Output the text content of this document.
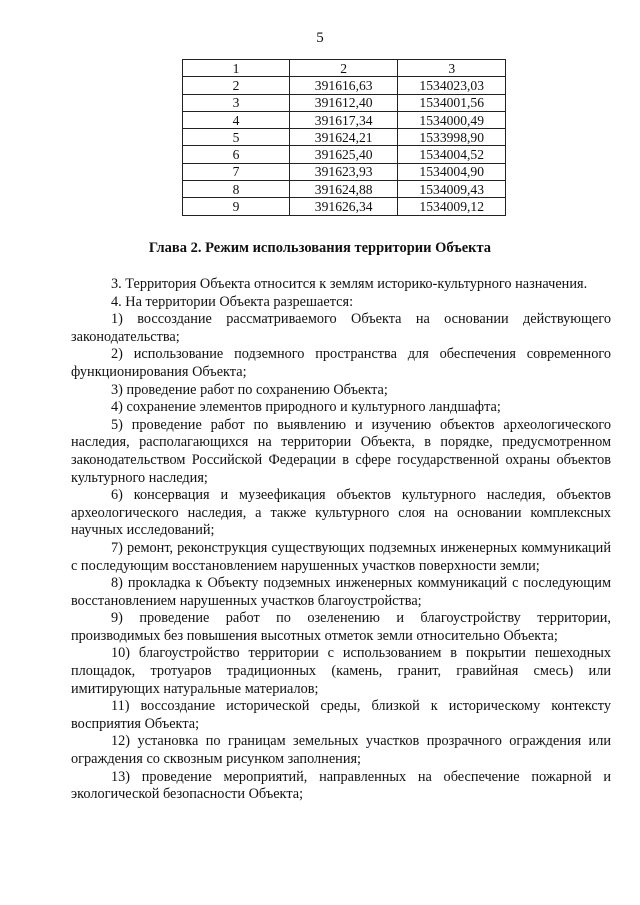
5
1	2	3
2	391616,63	1534023,03
3	391612,40	1534001,56
4	391617,34	1534000,49
5	391624,21	1533998,90
6	391625,40	1534004,52
7	391623,93	1534004,90
8	391624,88	1534009,43
9	391626,34	1534009,12
Глава 2. Режим использования территории Объекта

3. Территория Объекта относится к землям историко-культурного назначения.

4. На территории Объекта разрешается:

1) воссоздание рассматриваемого Объекта на основании действующего законодательства;

2) использование подземного пространства для обеспечения современного функционирования Объекта;

3) проведение работ по сохранению Объекта;

4) сохранение элементов природного и культурного ландшафта;

5) проведение работ по выявлению и изучению объектов археологического наследия, располагающихся на территории Объекта, в порядке, предусмотренном законодательством Российской Федерации в сфере государственной охраны объектов культурного наследия;

6) консервация и музеефикация объектов культурного наследия, объектов археологического наследия, а также культурного слоя на основании комплексных научных исследований;

7) ремонт, реконструкция существующих подземных инженерных коммуникаций с последующим восстановлением нарушенных участков поверхности земли;

8) прокладка к Объекту подземных инженерных коммуникаций с последующим восстановлением нарушенных участков благоустройства;

9) проведение работ по озеленению и благоустройству территории, производимых без повышения высотных отметок земли относительно Объекта;

10) благоустройство территории с использованием в покрытии пешеходных площадок, тротуаров традиционных (камень, гранит, гравийная смесь) или имитирующих натуральные материалов;

11) воссоздание исторической среды, близкой к историческому контексту восприятия Объекта;

12) установка по границам земельных участков прозрачного ограждения или ограждения со сквозным рисунком заполнения;

13) проведение мероприятий, направленных на обеспечение пожарной и экологической безопасности Объекта;
